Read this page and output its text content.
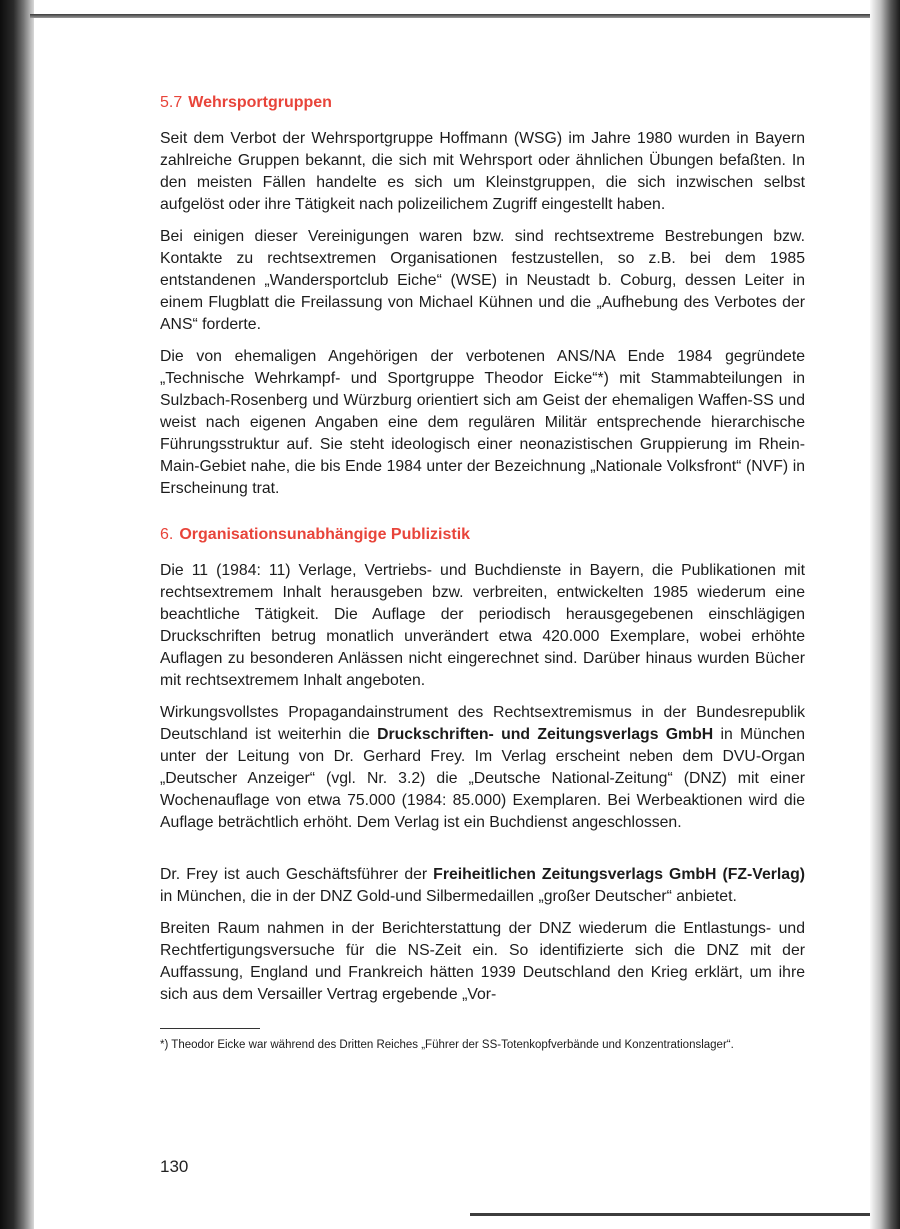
5.7 Wehrsportgruppen

Seit dem Verbot der Wehrsportgruppe Hoffmann (WSG) im Jahre 1980 wurden in Bayern zahlreiche Gruppen bekannt, die sich mit Wehrsport oder ähnlichen Übungen befaßten. In den meisten Fällen handelte es sich um Kleinstgruppen, die sich inzwischen selbst aufgelöst oder ihre Tätigkeit nach polizeilichem Zugriff eingestellt haben.

Bei einigen dieser Vereinigungen waren bzw. sind rechtsextreme Bestrebungen bzw. Kontakte zu rechtsextremen Organisationen festzustellen, so z.B. bei dem 1985 entstandenen „Wandersportclub Eiche“ (WSE) in Neustadt b. Coburg, dessen Leiter in einem Flugblatt die Freilassung von Michael Kühnen und die „Aufhebung des Verbotes der ANS“ forderte.

Die von ehemaligen Angehörigen der verbotenen ANS/NA Ende 1984 gegründete „Technische Wehrkampf- und Sportgruppe Theodor Eicke“*) mit Stammabteilungen in Sulzbach-Rosenberg und Würzburg orientiert sich am Geist der ehemaligen Waffen-SS und weist nach eigenen Angaben eine dem regulären Militär entsprechende hierarchische Führungsstruktur auf. Sie steht ideologisch einer neonazistischen Gruppierung im Rhein-Main-Gebiet nahe, die bis Ende 1984 unter der Bezeichnung „Nationale Volksfront“ (NVF) in Erscheinung trat.

6. Organisationsunabhängige Publizistik

Die 11 (1984: 11) Verlage, Vertriebs- und Buchdienste in Bayern, die Publikationen mit rechtsextremem Inhalt herausgeben bzw. verbreiten, entwickelten 1985 wiederum eine beachtliche Tätigkeit. Die Auflage der periodisch herausgegebenen einschlägigen Druckschriften betrug monatlich unverändert etwa 420.000 Exemplare, wobei erhöhte Auflagen zu besonderen Anlässen nicht eingerechnet sind. Darüber hinaus wurden Bücher mit rechtsextremem Inhalt angeboten.

Wirkungsvollstes Propagandainstrument des Rechtsextremismus in der Bundesrepublik Deutschland ist weiterhin die Druckschriften- und Zeitungsverlags GmbH in München unter der Leitung von Dr. Gerhard Frey. Im Verlag erscheint neben dem DVU-Organ „Deutscher Anzeiger“ (vgl. Nr. 3.2) die „Deutsche National-Zeitung“ (DNZ) mit einer Wochenauflage von etwa 75.000 (1984: 85.000) Exemplaren. Bei Werbeaktionen wird die Auflage beträchtlich erhöht. Dem Verlag ist ein Buchdienst angeschlossen.

Dr. Frey ist auch Geschäftsführer der Freiheitlichen Zeitungsverlags GmbH (FZ-Verlag) in München, die in der DNZ Gold-und Silbermedaillen „großer Deutscher“ anbietet.

Breiten Raum nahmen in der Berichterstattung der DNZ wiederum die Entlastungs- und Rechtfertigungsversuche für die NS-Zeit ein. So identifizierte sich die DNZ mit der Auffassung, England und Frankreich hätten 1939 Deutschland den Krieg erklärt, um ihre sich aus dem Versailler Vertrag ergebende „Vor-

*) Theodor Eicke war während des Dritten Reiches „Führer der SS-Totenkopfverbände und Konzentrationslager“.

130
